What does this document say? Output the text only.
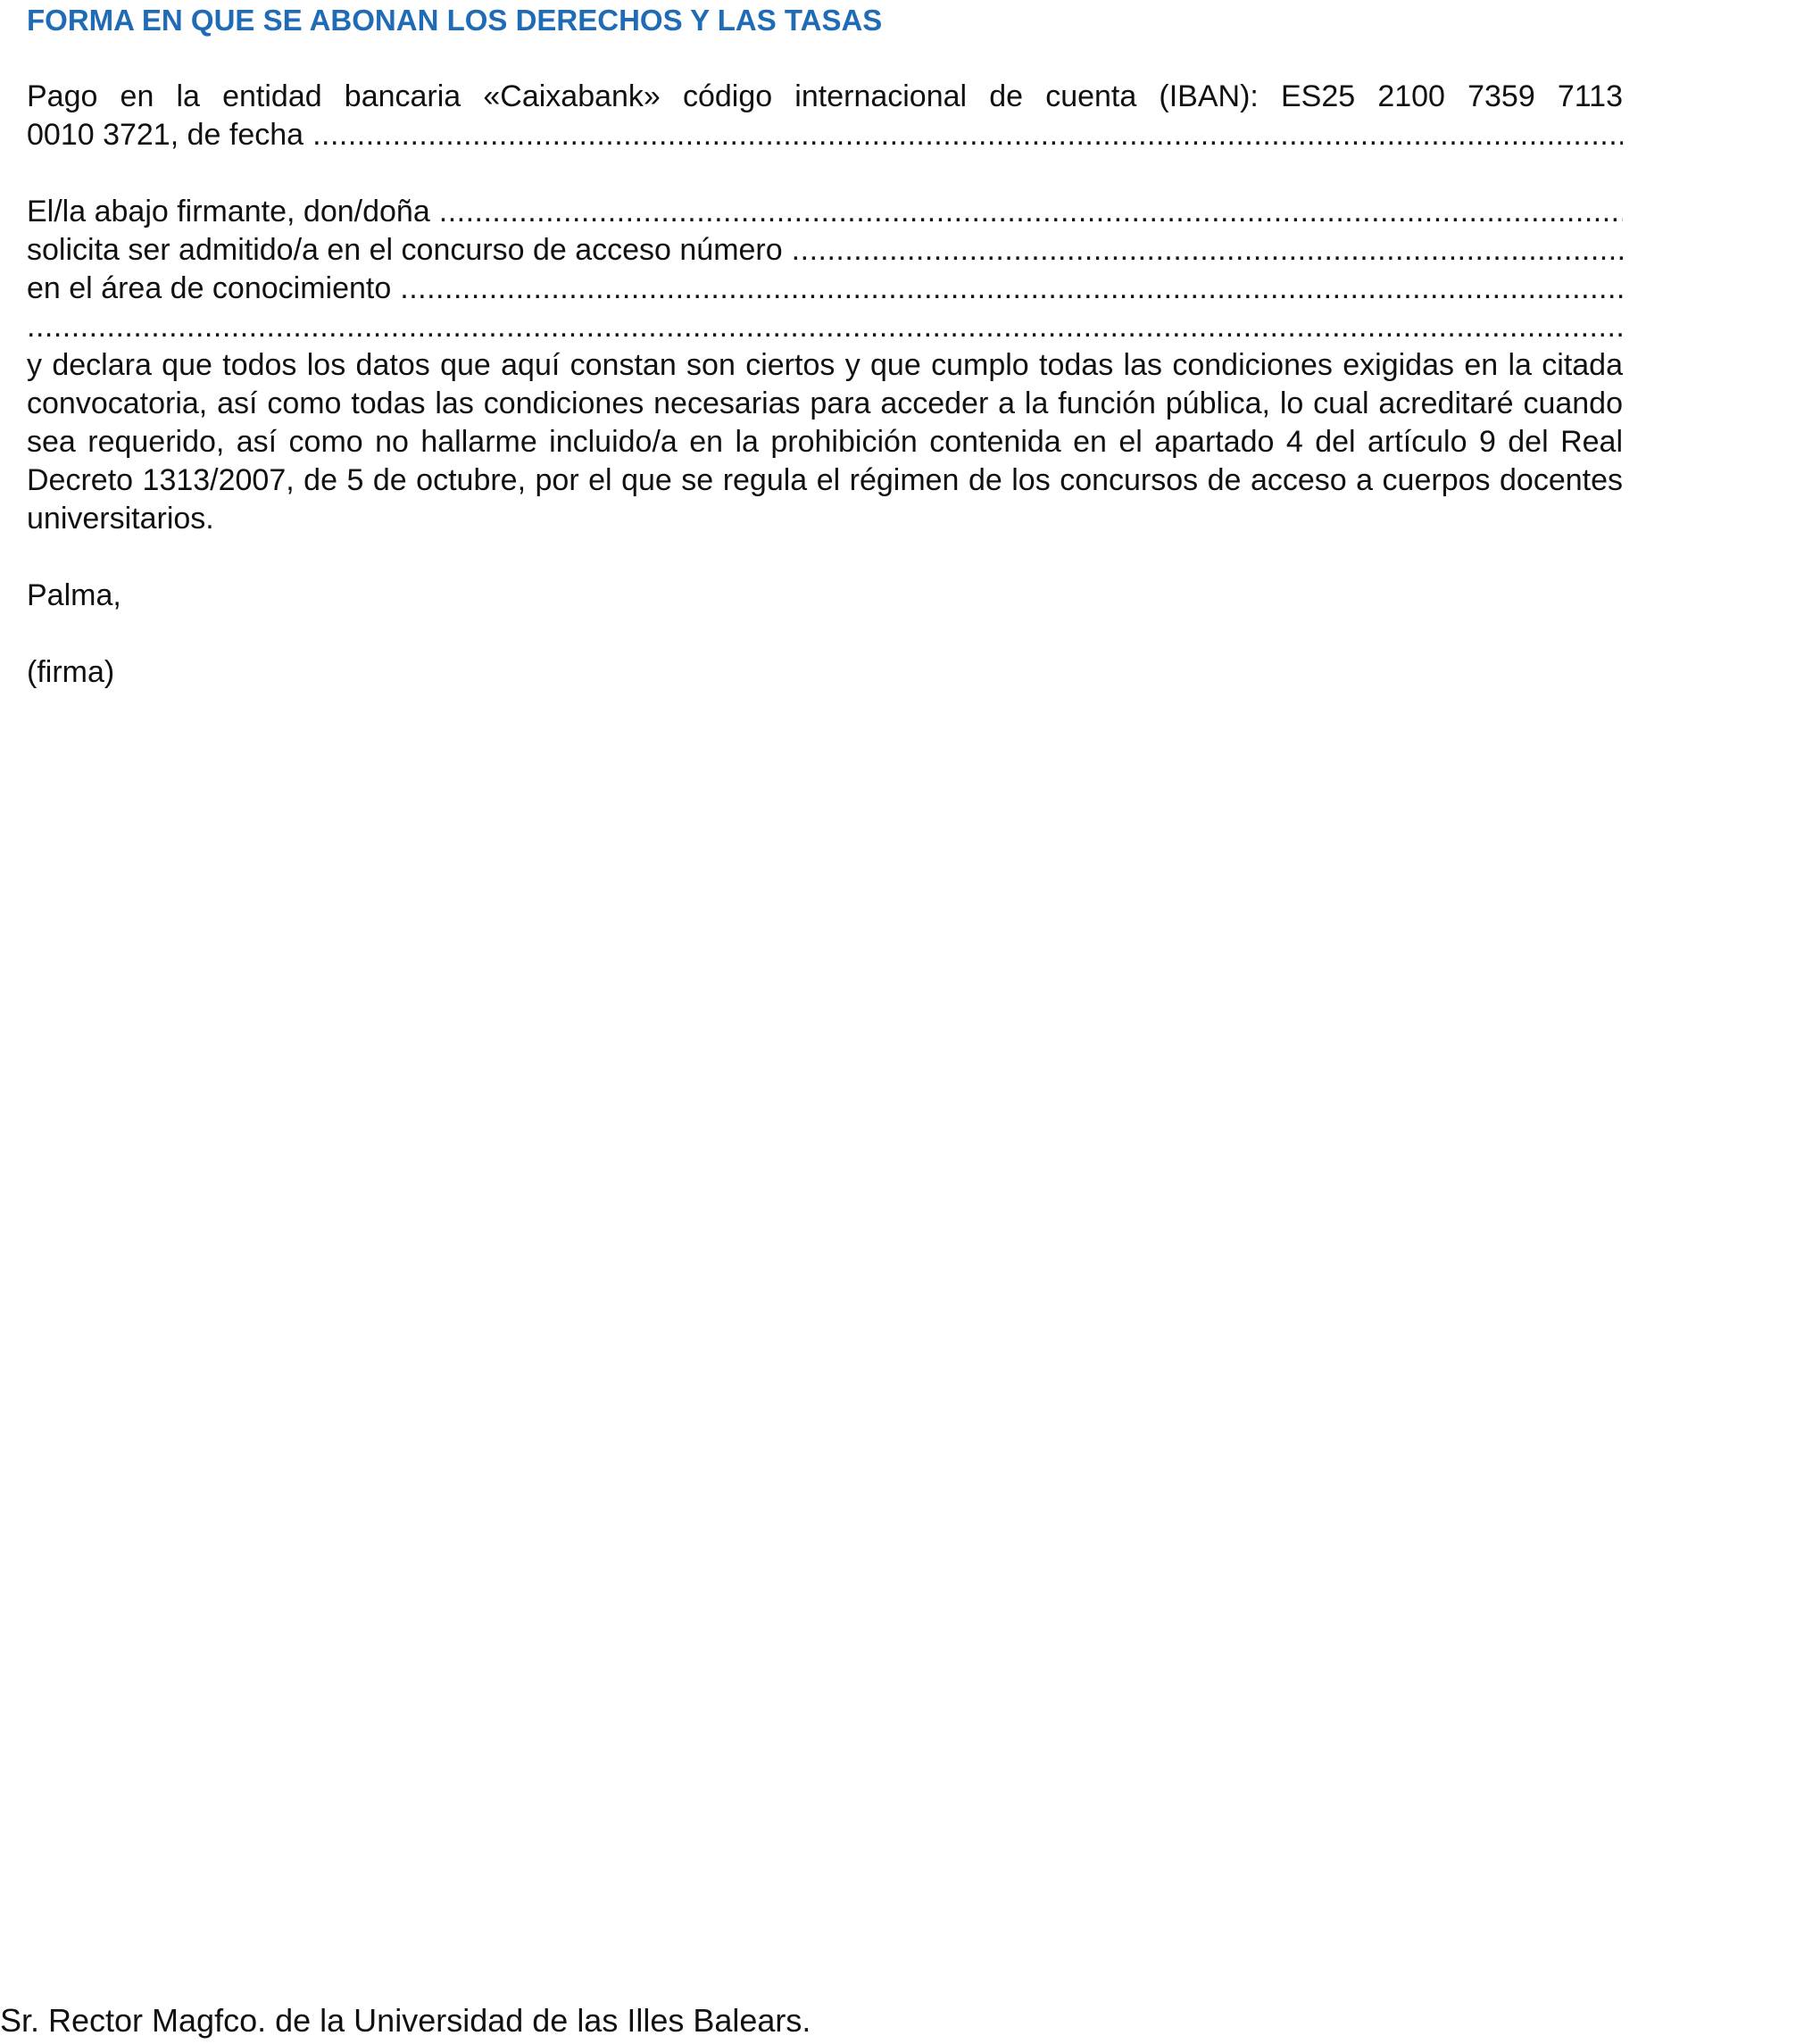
FORMA EN QUE SE ABONAN LOS DERECHOS Y LAS TASAS

Pago en la entidad bancaria «Caixabank» código internacional de cuenta (IBAN): ES25 2100 7359 7113

0010 3721, de fecha
.....
El/la abajo firmante, don/doña
.....
solicita ser admitido/a en el concurso de acceso número
.....
en el área de conocimiento
.....
.....

y declara que todos los datos que aquí constan son ciertos y que cumplo todas las condiciones exigidas en la citada convocatoria, así como todas las condiciones necesarias para acceder a la función pública, lo cual acreditaré cuando sea requerido, así como no hallarme incluido/a en la prohibición contenida en el apartado 4 del artículo 9 del Real Decreto 1313/2007, de 5 de octubre, por el que se regula el régimen de los concursos de acceso a cuerpos docentes universitarios.

Palma,

(firma)

Sr. Rector Magfco. de la Universidad de las Illes Balears.
